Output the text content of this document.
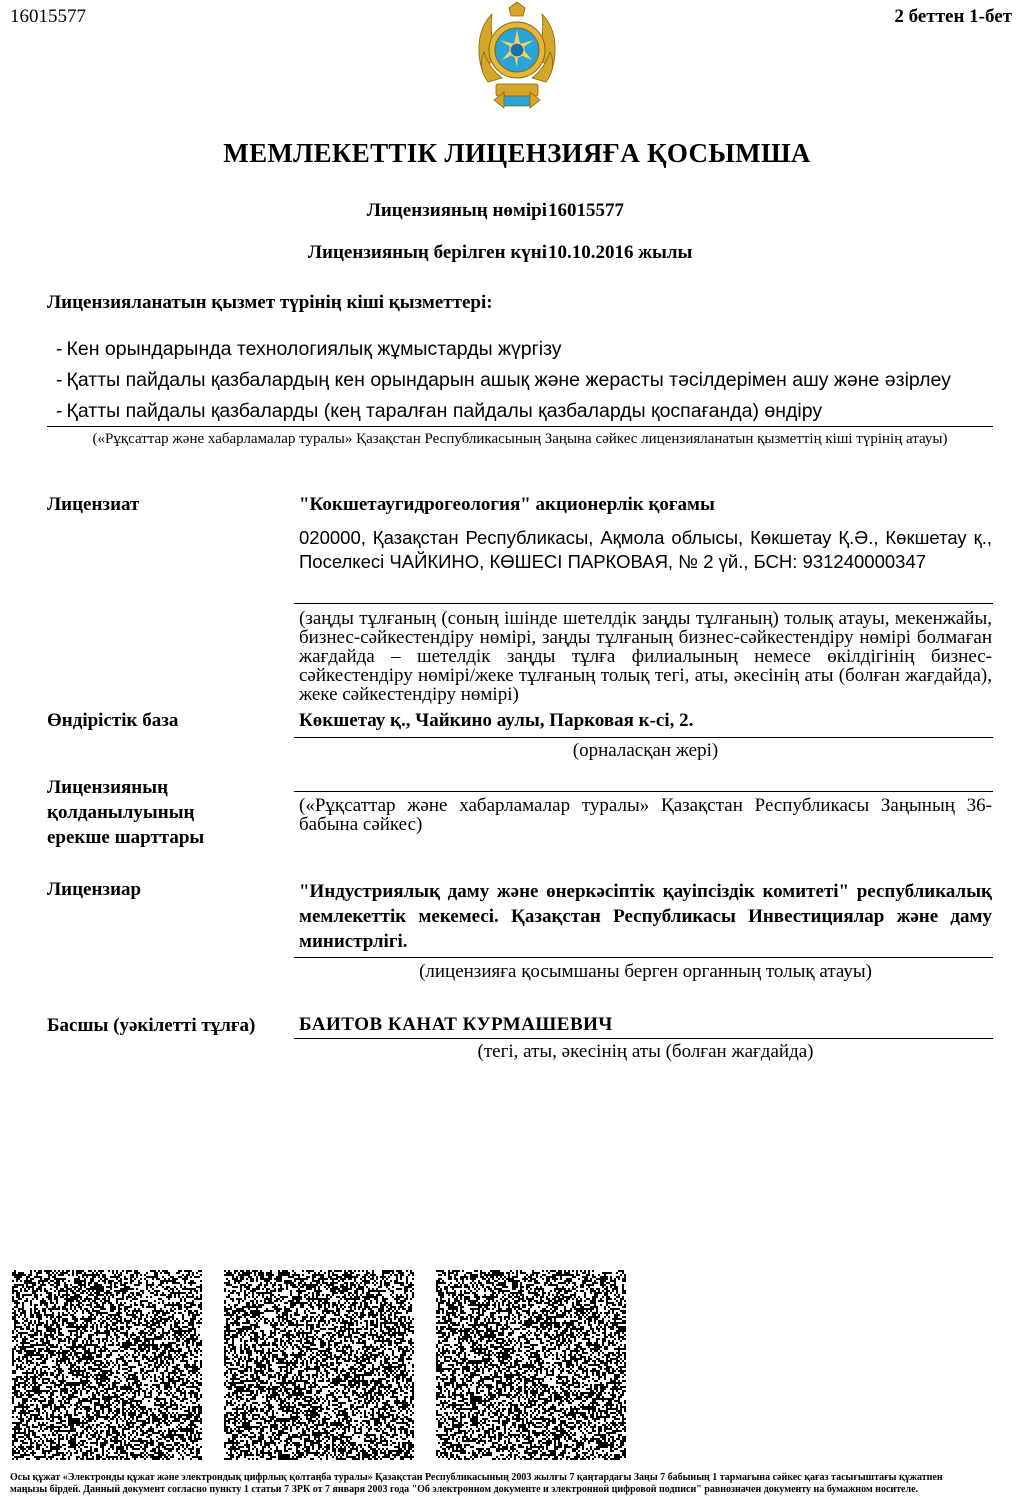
16015577	2 беттен 1-бет
МЕМЛЕКЕТТІК ЛИЦЕНЗИЯҒА ҚОСЫМША
Лицензияның нөмірі 16015577
Лицензияның берілген күні 10.10.2016 жылы
Лицензияланатын қызмет түрінің кіші қызметтері:
- Кен орындарында технологиялық жұмыстарды жүргізу
- Қатты пайдалы қазбалардың кен орындарын ашық және жерасты тәсілдерімен ашу және әзірлеу
- Қатты пайдалы қазбаларды (кең таралған пайдалы қазбаларды қоспағанда) өндіру
(«Рұқсаттар және хабарламалар туралы» Қазақстан Республикасының Заңына сәйкес лицензияланатын қызметтің кіші түрінің атауы)
Лицензиат	"Кокшетаугидрогеология" акционерлік қоғамы
020000, Қазақстан Республикасы, Ақмола облысы, Көкшетау Қ.Ә., Көкшетау қ., Поселкесі ЧАЙКИНО, КӨШЕСІ ПАРКОВАЯ, № 2 үй., БСН: 931240000347
(заңды тұлғаның (соның ішінде шетелдік заңды тұлғаның) толық атауы, мекенжайы, бизнес-сәйкестендіру нөмірі, заңды тұлғаның бизнес-сәйкестендіру нөмірі болмаған жағдайда – шетелдік заңды тұлға филиалының немесе өкілдігінің бизнес-сәйкестендіру нөмірі/жеке тұлғаның толық тегі, аты, әкесінің аты (болған жағдайда), жеке сәйкестендіру нөмірі)
Өндірістік база	Көкшетау қ., Чайкино аулы, Парковая к-сі, 2.
(орналасқан жері)
Лицензияның
қолданылуының
ерекше шарттары
(«Рұқсаттар және хабарламалар туралы» Қазақстан Республикасы Заңының 36-бабына сәйкес)
Лицензиар	"Индустриялық даму және өнеркәсіптік қауіпсіздік комитеті" республикалық мемлекеттік мекемесі. Қазақстан Республикасы Инвестициялар және даму министрлігі.
(лицензияға қосымшаны берген органның толық атауы)
Басшы (уәкілетті тұлға) БАИТОВ КАНАТ КУРМАШЕВИЧ
(тегі, аты, әкесінің аты (болған жағдайда)
Осы құжат «Электронды құжат және электрондық цифрлық қолтаңба туралы» Қазақстан Республикасының 2003 жылғы 7 қаңтардағы Заңы 7 бабының 1 тармағына сәйкес қағаз тасығыштағы құжатпен
маңызы бірдей. Данный документ согласно пункту 1 статьи 7 ЗРК от 7 января 2003 года "Об электронном документе и электронной цифровой подписи" равнозначен документу на бумажном носителе.
